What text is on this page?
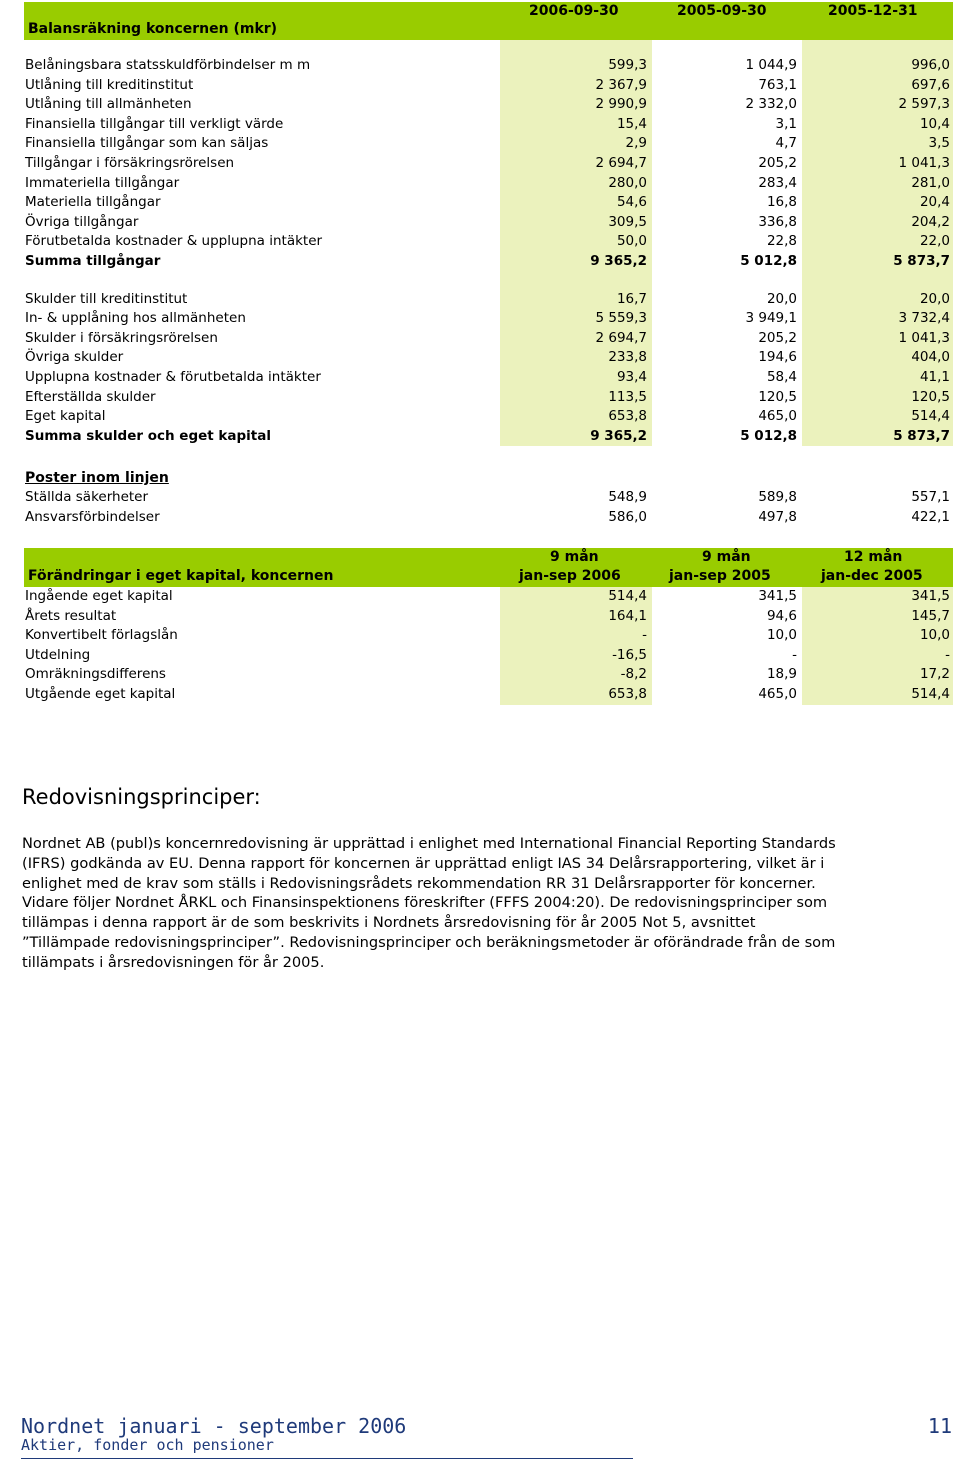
Balansräkning koncernen (mkr)
2006-09-30	2005-09-30	2005-12-31
Belåningsbara statsskuldförbindelser m m	599,3	1 044,9	996,0
Utlåning till kreditinstitut	2 367,9	763,1	697,6
Utlåning till allmänheten	2 990,9	2 332,0	2 597,3
Finansiella tillgångar till verkligt värde	15,4	3,1	10,4
Finansiella tillgångar som kan säljas	2,9	4,7	3,5
Tillgångar i försäkringsrörelsen	2 694,7	205,2	1 041,3
Immateriella tillgångar	280,0	283,4	281,0
Materiella tillgångar	54,6	16,8	20,4
Övriga tillgångar	309,5	336,8	204,2
Förutbetalda kostnader & upplupna intäkter	50,0	22,8	22,0
Summa tillgångar	9 365,2	5 012,8	5 873,7
Skulder till kreditinstitut	16,7	20,0	20,0
In- & upplåning hos allmänheten	5 559,3	3 949,1	3 732,4
Skulder i försäkringsrörelsen	2 694,7	205,2	1 041,3
Övriga skulder	233,8	194,6	404,0
Upplupna kostnader & förutbetalda intäkter	93,4	58,4	41,1
Efterställda skulder	113,5	120,5	120,5
Eget kapital	653,8	465,0	514,4
Summa skulder och eget kapital	9 365,2	5 012,8	5 873,7
Poster inom linjen
Ställda säkerheter	548,9	589,8	557,1
Ansvarsförbindelser	586,0	497,8	422,1
Förändringar i eget kapital, koncernen
9 mån	9 mån	12 mån
jan-sep 2006	jan-sep 2005	jan-dec 2005
Ingående eget kapital	514,4	341,5	341,5
Årets resultat	164,1	94,6	145,7
Konvertibelt förlagslån	-	10,0	10,0
Utdelning	-16,5	-	-
Omräkningsdifferens	-8,2	18,9	17,2
Utgående eget kapital	653,8	465,0	514,4
Redovisningsprinciper:
Nordnet AB (publ)s koncernredovisning är upprättad i enlighet med International Financial Reporting Standards
(IFRS) godkända av EU. Denna rapport för koncernen är upprättad enligt IAS 34 Delårsrapportering, vilket är i
enlighet med de krav som ställs i Redovisningsrådets rekommendation RR 31 Delårsrapporter för koncerner.
Vidare följer Nordnet ÅRKL och Finansinspektionens föreskrifter (FFFS 2004:20). De redovisningsprinciper som
tillämpas i denna rapport är de som beskrivits i Nordnets årsredovisning för år 2005 Not 5, avsnittet
”Tillämpade redovisningsprinciper”. Redovisningsprinciper och beräkningsmetoder är oförändrade från de som
tillämpats i årsredovisningen för år 2005.
Nordnet januari - september 2006
Aktier, fonder och pensioner
11
